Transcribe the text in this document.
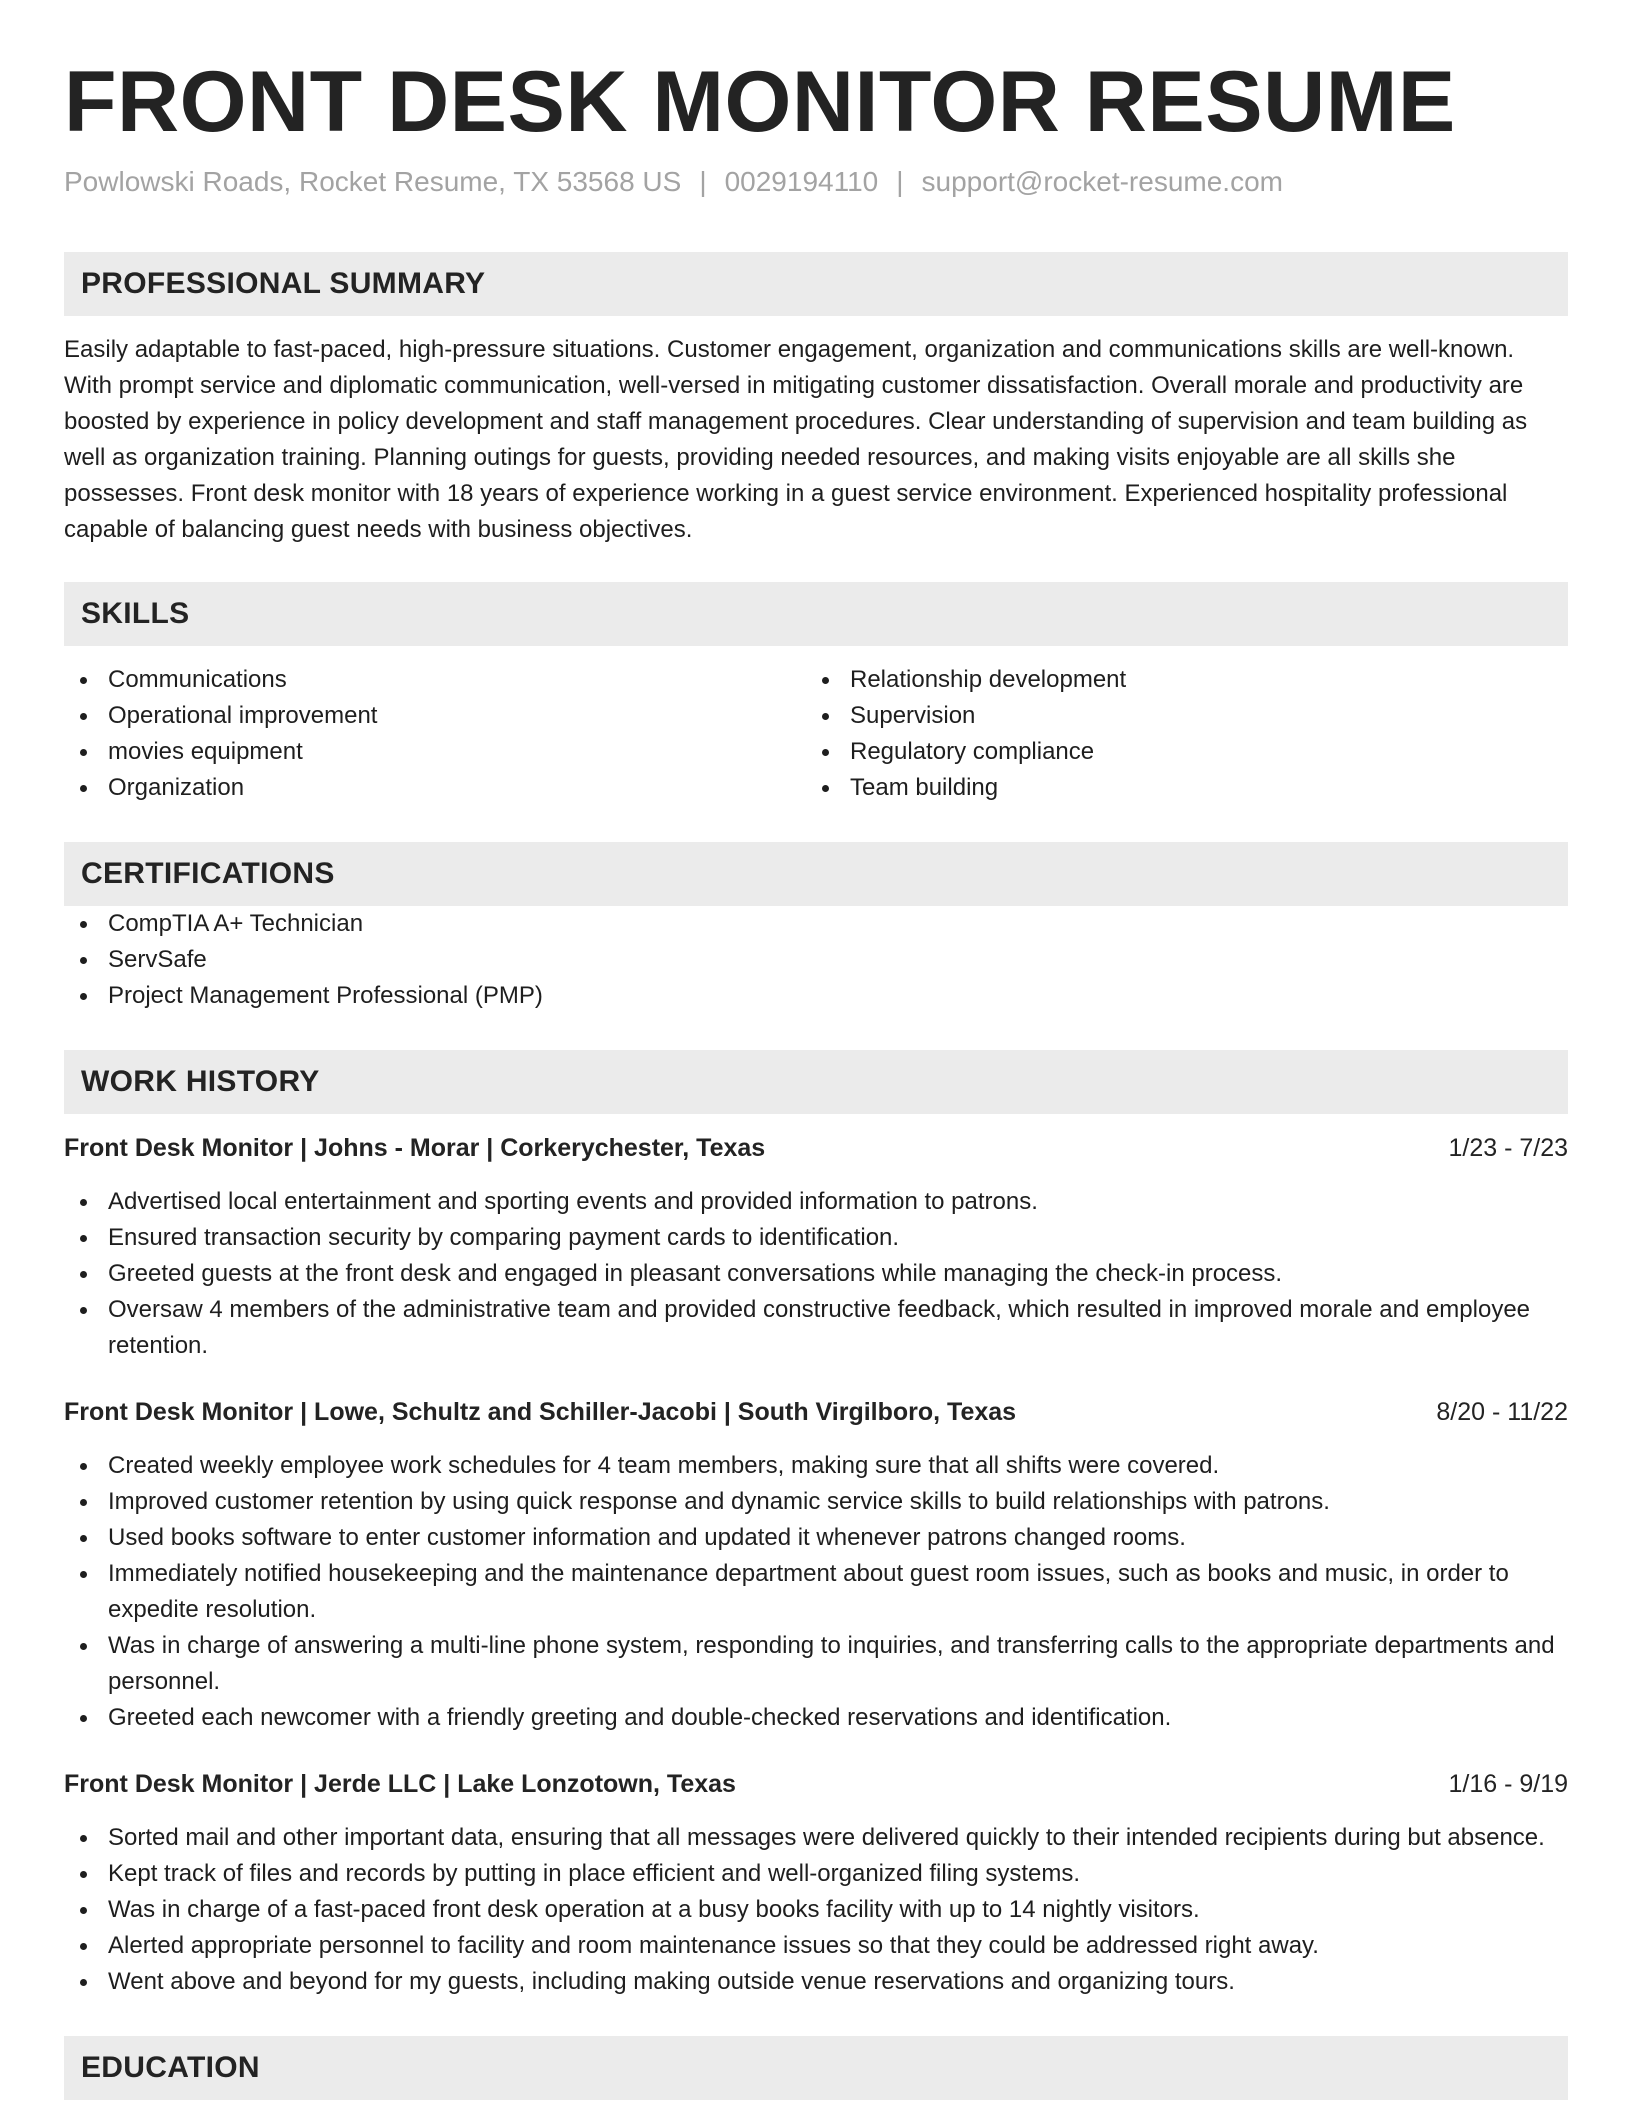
FRONT DESK MONITOR RESUME
Powlowski Roads, Rocket Resume, TX 53568 US | 0029194110 | support@rocket-resume.com
PROFESSIONAL SUMMARY
Easily adaptable to fast-paced, high-pressure situations. Customer engagement, organization and communications skills are well-known. With prompt service and diplomatic communication, well-versed in mitigating customer dissatisfaction. Overall morale and productivity are boosted by experience in policy development and staff management procedures. Clear understanding of supervision and team building as well as organization training. Planning outings for guests, providing needed resources, and making visits enjoyable are all skills she possesses. Front desk monitor with 18 years of experience working in a guest service environment. Experienced hospitality professional capable of balancing guest needs with business objectives.
SKILLS
Communications
Operational improvement
movies equipment
Organization
Relationship development
Supervision
Regulatory compliance
Team building
CERTIFICATIONS
CompTIA A+ Technician
ServSafe
Project Management Professional (PMP)
WORK HISTORY
Front Desk Monitor | Johns - Morar | Corkerychester, Texas	1/23 - 7/23
Advertised local entertainment and sporting events and provided information to patrons.
Ensured transaction security by comparing payment cards to identification.
Greeted guests at the front desk and engaged in pleasant conversations while managing the check-in process.
Oversaw 4 members of the administrative team and provided constructive feedback, which resulted in improved morale and employee retention.
Front Desk Monitor | Lowe, Schultz and Schiller-Jacobi | South Virgilboro, Texas	8/20 - 11/22
Created weekly employee work schedules for 4 team members, making sure that all shifts were covered.
Improved customer retention by using quick response and dynamic service skills to build relationships with patrons.
Used books software to enter customer information and updated it whenever patrons changed rooms.
Immediately notified housekeeping and the maintenance department about guest room issues, such as books and music, in order to expedite resolution.
Was in charge of answering a multi-line phone system, responding to inquiries, and transferring calls to the appropriate departments and personnel.
Greeted each newcomer with a friendly greeting and double-checked reservations and identification.
Front Desk Monitor | Jerde LLC | Lake Lonzotown, Texas	1/16 - 9/19
Sorted mail and other important data, ensuring that all messages were delivered quickly to their intended recipients during but absence.
Kept track of files and records by putting in place efficient and well-organized filing systems.
Was in charge of a fast-paced front desk operation at a busy books facility with up to 14 nightly visitors.
Alerted appropriate personnel to facility and room maintenance issues so that they could be addressed right away.
Went above and beyond for my guests, including making outside venue reservations and organizing tours.
EDUCATION
